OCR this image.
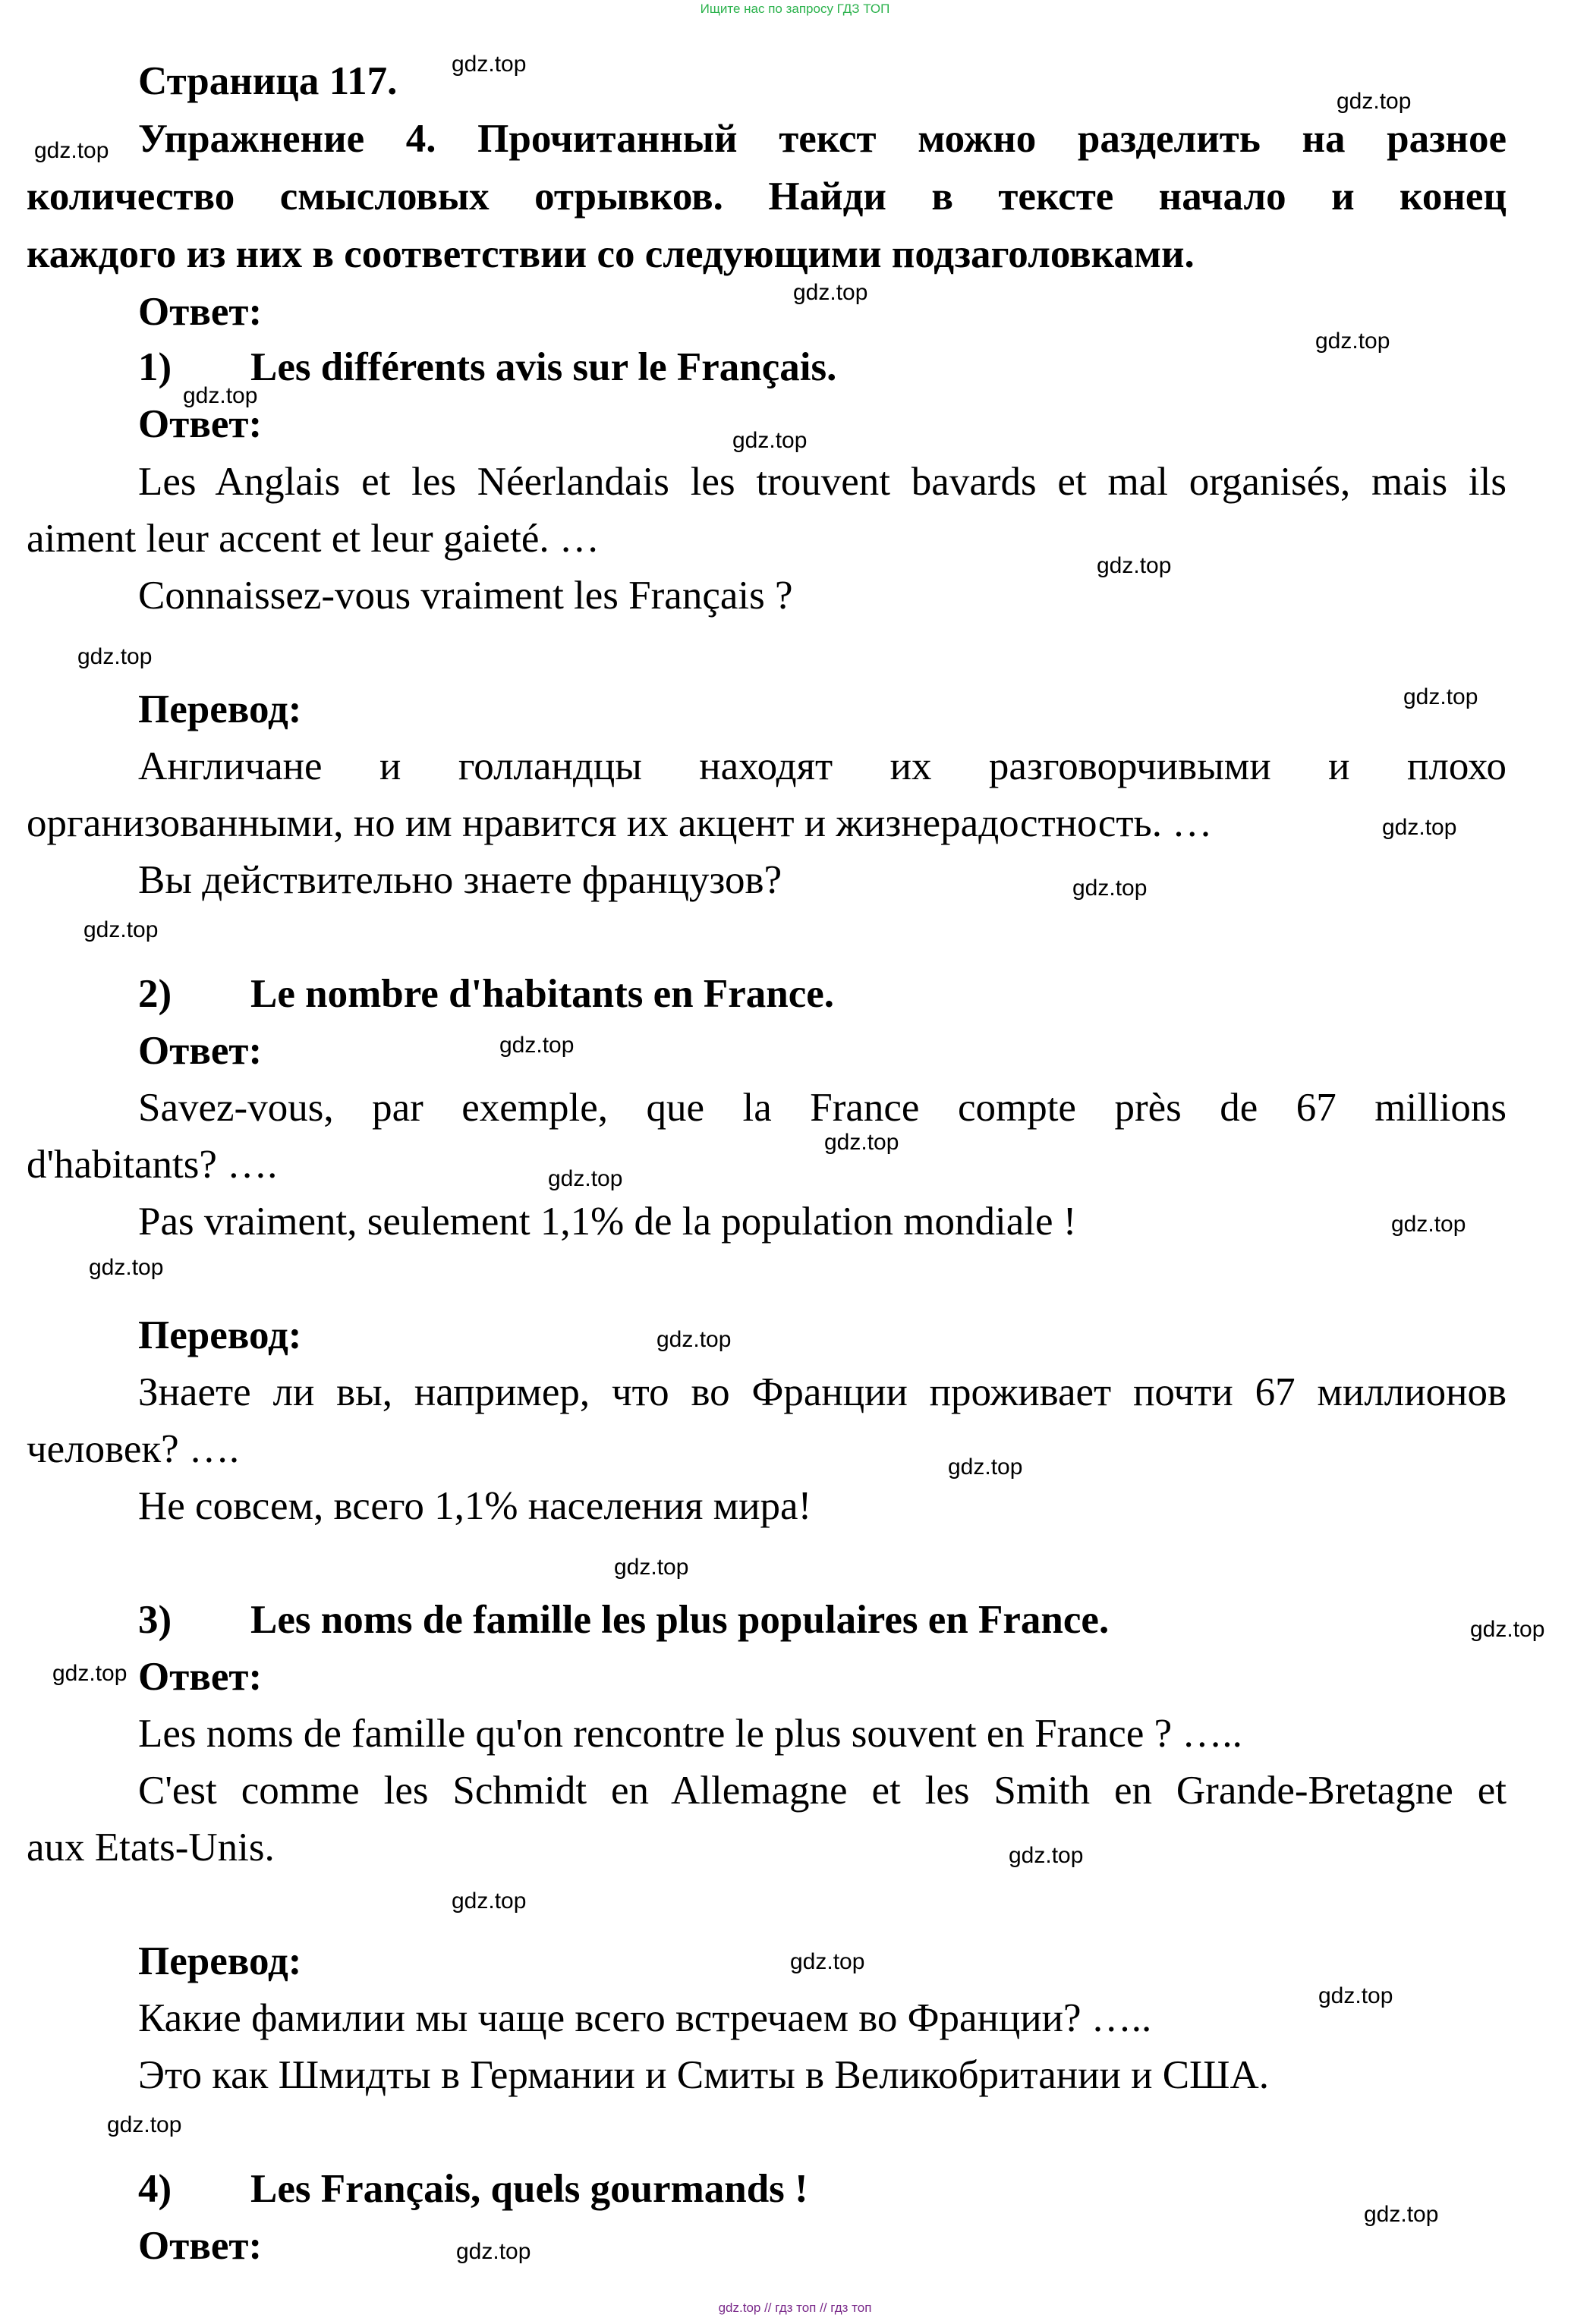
Ищите нас по запросу ГДЗ ТОП
Страница 117.
Упражнение 4. Прочитанный текст можно разделить на разное
количество смысловых отрывков. Найди в тексте начало и конец
каждого из них в соответствии со следующими подзаголовками.
Ответ:
1) Les différents avis sur le Français.
Ответ:
Les Anglais et les Néerlandais les trouvent bavards et mal organisés, mais ils
aiment leur accent et leur gaieté. …
Connaissez-vous vraiment les Français ?
Перевод:
Англичане и голландцы находят их разговорчивыми и плохо
организованными, но им нравится их акцент и жизнерадостность. …
Вы действительно знаете французов?
2) Le nombre d'habitants en France.
Ответ:
Savez-vous, par exemple, que la France compte près de 67 millions
d'habitants? ….
Pas vraiment, seulement 1,1% de la population mondiale !
Перевод:
Знаете ли вы, например, что во Франции проживает почти 67 миллионов
человек? ….
Не совсем, всего 1,1% населения мира!
3) Les noms de famille les plus populaires en France.
Ответ:
Les noms de famille qu'on rencontre le plus souvent en France ? …..
C'est comme les Schmidt en Allemagne et les Smith en Grande-Bretagne et
aux Etats-Unis.
Перевод:
Какие фамилии мы чаще всего встречаем во Франции? …..
Это как Шмидты в Германии и Смиты в Великобритании и США.
4) Les Français, quels gourmands !
Ответ:
gdz.top
gdz.top
gdz.top
gdz.top
gdz.top
gdz.top
gdz.top
gdz.top
gdz.top
gdz.top
gdz.top
gdz.top
gdz.top
gdz.top
gdz.top
gdz.top
gdz.top
gdz.top
gdz.top
gdz.top
gdz.top
gdz.top
gdz.top
gdz.top
gdz.top
gdz.top
gdz.top
gdz.top
gdz.top
gdz.top
gdz.top // гдз топ // гдз топ
